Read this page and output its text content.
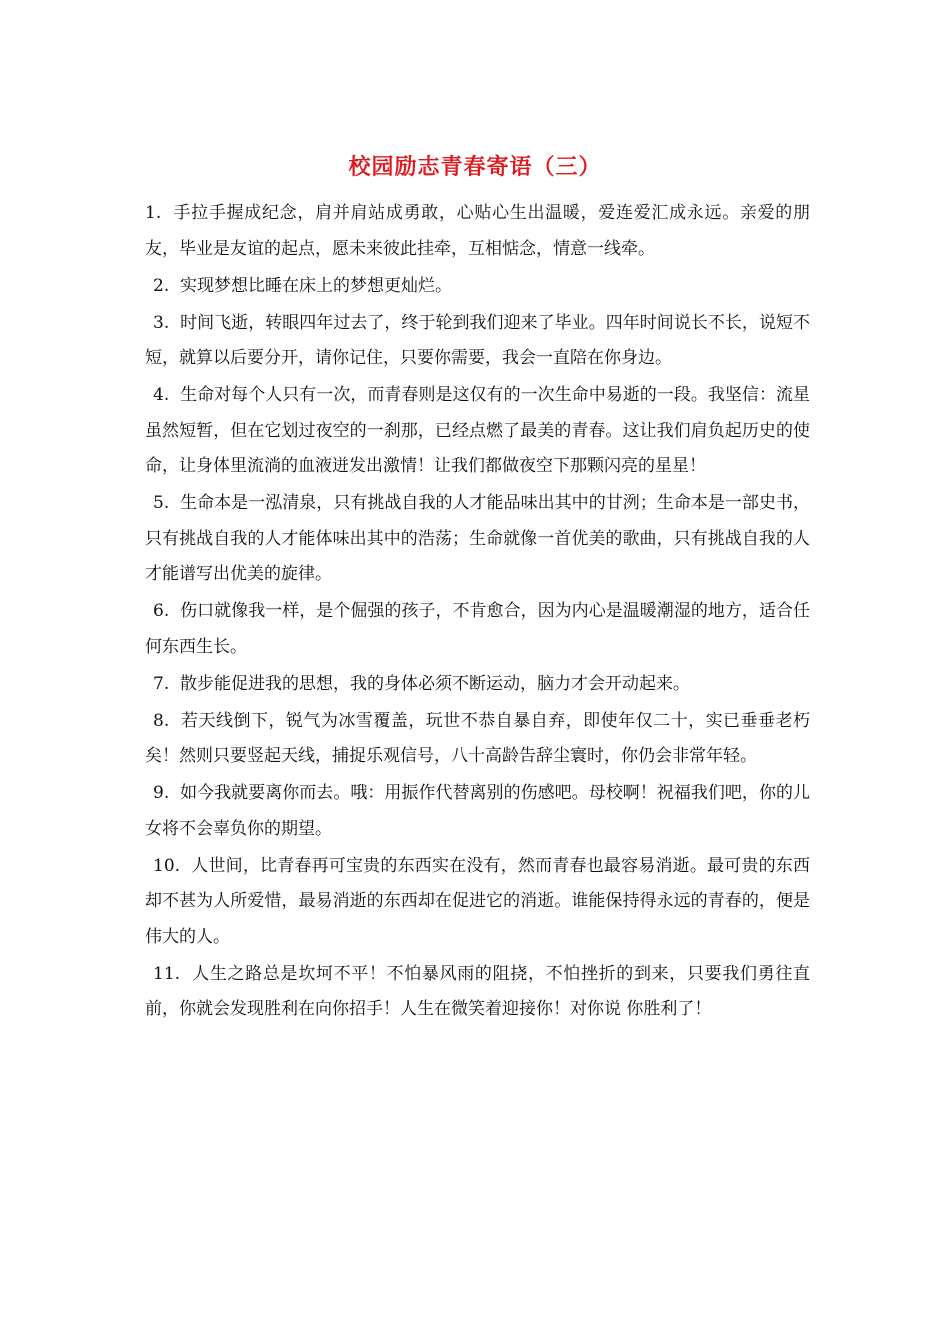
校园励志青春寄语（三）

1. 手拉手握成纪念，肩并肩站成勇敢，心贴心生出温暖，爱连爱汇成永远。亲爱的朋友，毕业是友谊的起点，愿未来彼此挂牵，互相惦念，情意一线牵。

2. 实现梦想比睡在床上的梦想更灿烂。

3. 时间飞逝，转眼四年过去了，终于轮到我们迎来了毕业。四年时间说长不长，说短不短，就算以后要分开，请你记住，只要你需要，我会一直陪在你身边。

4. 生命对每个人只有一次，而青春则是这仅有的一次生命中易逝的一段。我坚信：流星虽然短暂，但在它划过夜空的一刹那，已经点燃了最美的青春。这让我们肩负起历史的使命，让身体里流淌的血液迸发出激情！让我们都做夜空下那颗闪亮的星星！

5. 生命本是一泓清泉，只有挑战自我的人才能品味出其中的甘洌；生命本是一部史书，只有挑战自我的人才能体味出其中的浩荡；生命就像一首优美的歌曲，只有挑战自我的人才能谱写出优美的旋律。

6. 伤口就像我一样，是个倔强的孩子，不肯愈合，因为内心是温暖潮湿的地方，适合任何东西生长。

7. 散步能促进我的思想，我的身体必须不断运动，脑力才会开动起来。

8. 若天线倒下，锐气为冰雪覆盖，玩世不恭自暴自弃，即使年仅二十，实已垂垂老朽矣！然则只要竖起天线，捕捉乐观信号，八十高龄告辞尘寰时，你仍会非常年轻。

9. 如今我就要离你而去。哦：用振作代替离别的伤感吧。母校啊！祝福我们吧，你的儿女将不会辜负你的期望。

10. 人世间，比青春再可宝贵的东西实在没有，然而青春也最容易消逝。最可贵的东西却不甚为人所爱惜，最易消逝的东西却在促进它的消逝。谁能保持得永远的青春的，便是伟大的人。

11. 人生之路总是坎坷不平！不怕暴风雨的阻挠，不怕挫折的到来，只要我们勇往直前，你就会发现胜利在向你招手！人生在微笑着迎接你！对你说 你胜利了！
